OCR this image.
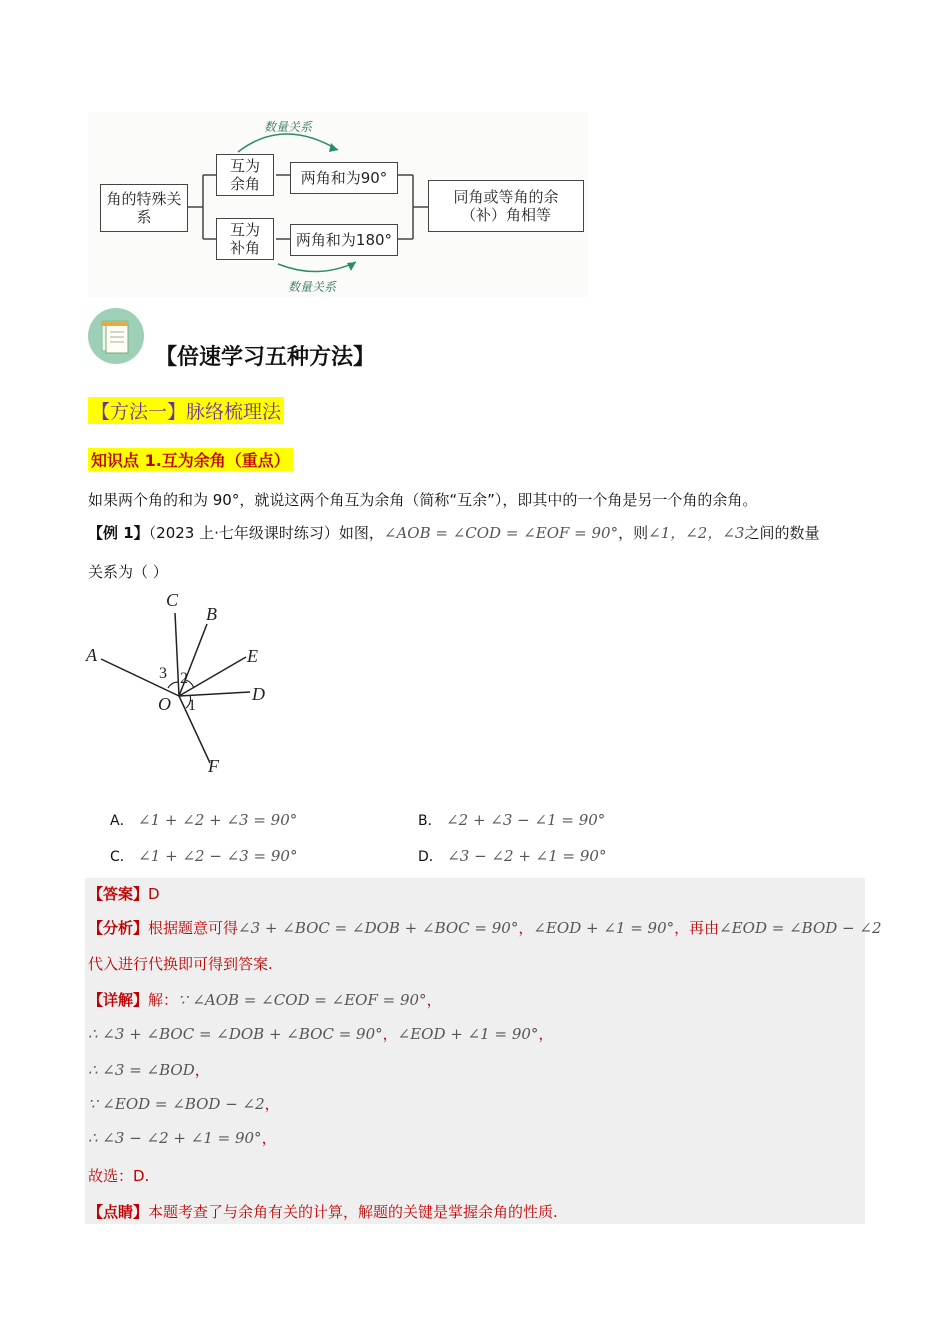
角的特殊关系
互为余角
互为补角
两角和为90°
两角和为180°
同角或等角的余（补）角相等
数量关系
数量关系
【倍速学习五种方法】
【方法一】脉络梳理法
知识点 1.互为余角（重点）
如果两个角的和为 90°，就说这两个角互为余角（简称“互余”），即其中的一个角是另一个角的余角。
【例 1】（2023 上·七年级课时练习）如图，∠AOB = ∠COD = ∠EOF = 90°，则∠1，∠2，∠3之间的数量
关系为（ ）
C
B
A	E
D
O
F
3 2
1
A． ∠1 + ∠2 + ∠3 = 90°	B． ∠2 + ∠3 − ∠1 = 90°
C． ∠1 + ∠2 − ∠3 = 90°	D． ∠3 − ∠2 + ∠1 = 90°
【答案】D
【分析】根据题意可得∠3 + ∠BOC = ∠DOB + ∠BOC = 90°，∠EOD + ∠1 = 90°，再由∠EOD = ∠BOD − ∠2
代入进行代换即可得到答案.
【详解】解：∵ ∠AOB = ∠COD = ∠EOF = 90°，
∴ ∠3 + ∠BOC = ∠DOB + ∠BOC = 90°，∠EOD + ∠1 = 90°，
∴ ∠3 = ∠BOD，
∵ ∠EOD = ∠BOD − ∠2，
∴ ∠3 − ∠2 + ∠1 = 90°，
故选：D.
【点睛】本题考查了与余角有关的计算，解题的关键是掌握余角的性质.
